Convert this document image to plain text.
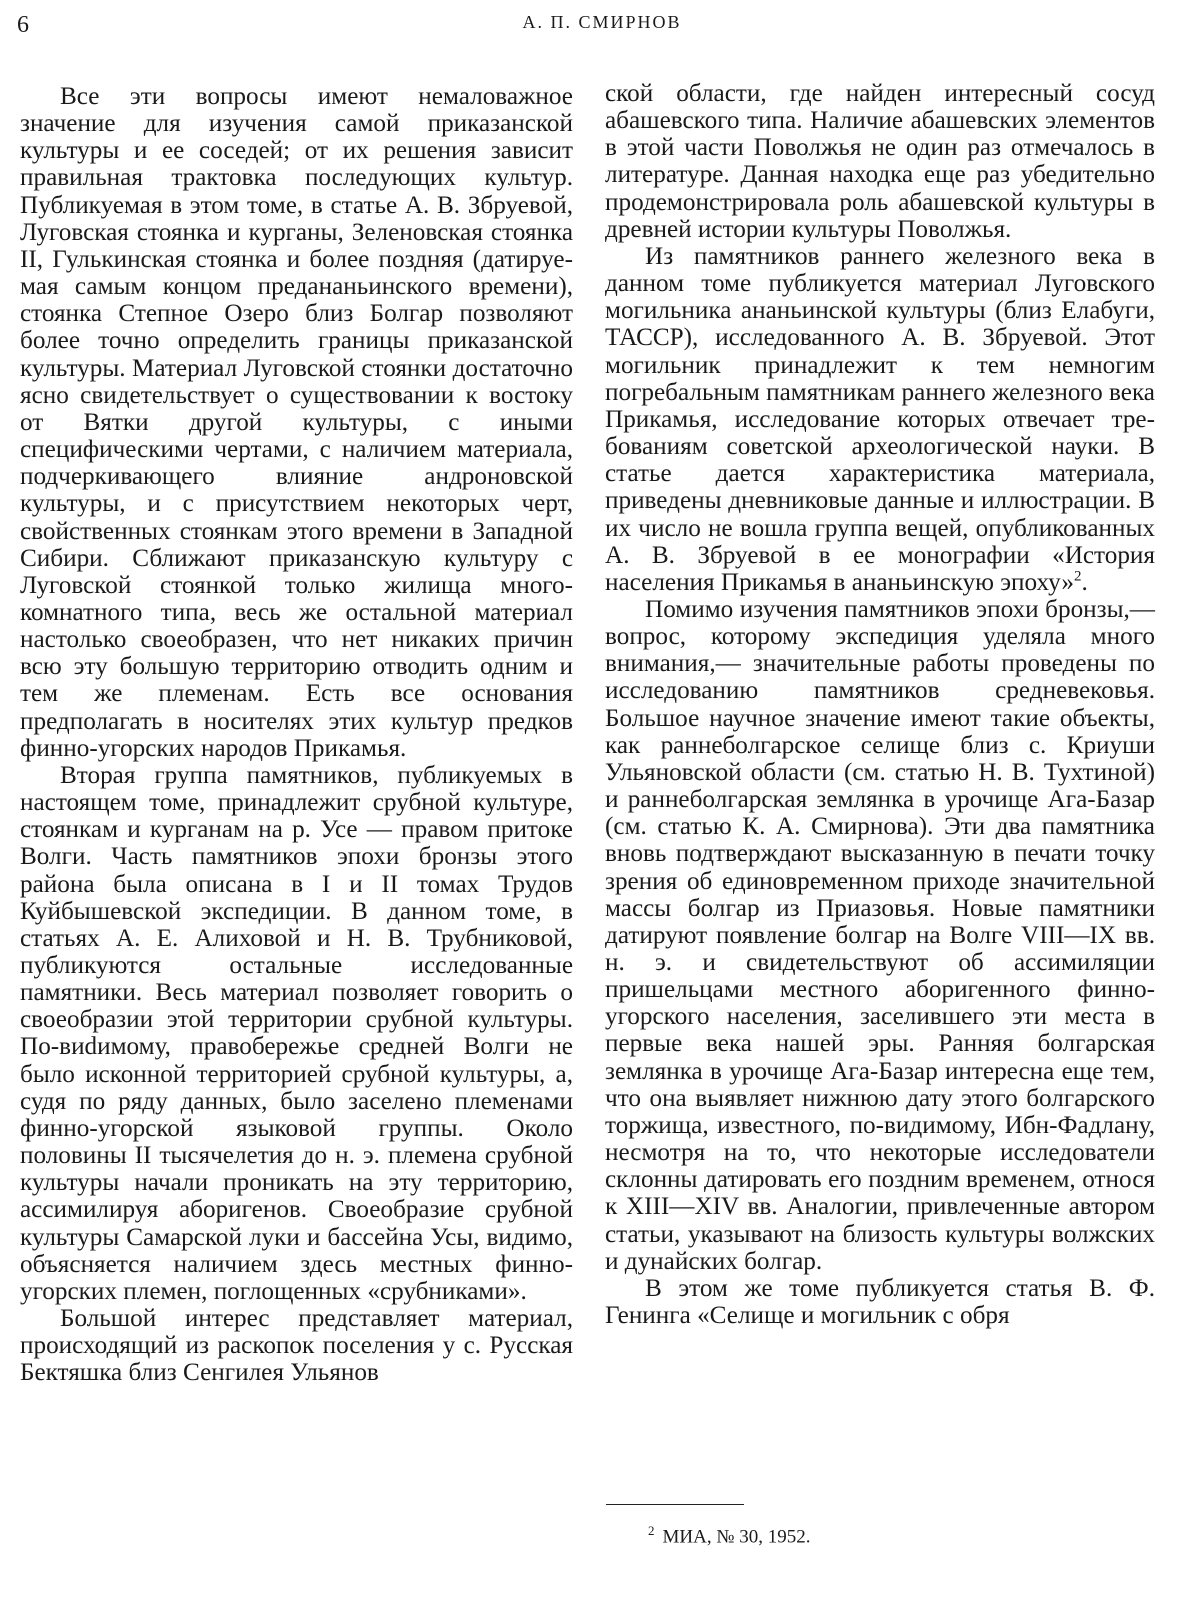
6	А. П. СМИРНОВ

Все эти вопросы имеют немаловажное значение для изучения самой приказанской культуры и ее соседей; от их решения зависит правильная трактовка последующих культур. Публикуемая в этом томе, в статье А. В. Збруевой, Луговская стоянка и курганы, Зеленовская стоянка II, Гулькинская стоянка и более поздняя (датируемая самым концом предананьинского времени), стоянка Степное Озеро близ Болгар позволяют более точно определить границы приказанской культуры. Материал Луговской стоянки достаточно ясно свидетельствует о существовании к востоку от Вятки другой культуры, с иными специфическими чертами, с наличием материала, подчеркивающего влияние андроновской культуры, и с присутствием некоторых черт, свойственных стоянкам этого времени в Западной Сибири. Сближают приказанскую культуру с Луговской стоянкой только жилища многокомнатного типа, весь же остальной материал настолько своеобразен, что нет никаких причин всю эту большую территорию отводить одним и тем же племенам. Есть все основания предполагать в носителях этих культур предков финно-угорских народов Прикамья.

Вторая группа памятников, публикуемых в настоящем томе, принадлежит срубной культуре, стоянкам и курганам на р. Усе — правом притоке Волги. Часть памятников эпохи бронзы этого района была описана в I и II томах Трудов Куйбышевской экспедиции. В данном томе, в статьях А. Е. Алиховой и Н. В. Трубниковой, публикуются остальные исследованные памятники. Весь материал позволяет говорить о своеобразии этой территории срубной культуры. По-виdимому, правобережье средней Волги не было исконной территорией срубной культуры, а, судя по ряду данных, было заселено племенами финно-угорской языковой группы. Около половины II тысячелетия до н. э. племена срубной культуры начали проникать на эту территорию, ассимилируя аборигенов. Своеобразие срубной культуры Самарской луки и бассейна Усы, видимо, объясняется наличием здесь местных финно-угорских племен, поглощенных «срубниками».

Большой интерес представляет материал, происходящий из раскопок поселения у с. Русская Бектяшка близ Сенгилея Ульянов

ской области, где найден интересный сосуд абашевского типа. Наличие абашевских элементов в этой части Поволжья не один раз отмечалось в литературе. Данная находка еще раз убедительно продемонстрировала роль абашевской культуры в древней истории культуры Поволжья.

Из памятников раннего железного века в данном томе публикуется материал Луговского могильника ананьинской культуры (близ Елабуги, ТАССР), исследованного А. В. Збруевой. Этот могильник принадлежит к тем немногим погребальным памятникам раннего железного века Прикамья, исследование которых отвечает требованиям советской археологической науки. В статье дается характеристика материала, приведены дневниковые данные и иллюстрации. В их число не вошла группа вещей, опубликованных А. В. Збруевой в ее монографии «История населения Прикамья в ананьинскую эпоху»$^2$.

Помимо изучения памятников эпохи бронзы,— вопрос, которому экспедиция уделяла много внимания,— значительные работы проведены по исследованию памятников средневековья. Большое научное значение имеют такие объекты, как раннеболгарское селище близ с. Криуши Ульяновской области (см. статью Н. В. Тухтиной) и раннеболгарская землянка в урочище Ага-Базар (см. статью К. А. Смирнова). Эти два памятника вновь подтверждают высказанную в печати точку зрения об единовременном приходе значительной массы болгар из Приазовья. Новые памятники датируют появление болгар на Волге VIII—IX вв. н. э. и свидетельствуют об ассимиляции пришельцами местного аборигенного финно-угорского населения, заселившего эти места в первые века нашей эры. Ранняя болгарская землянка в урочище Ага-Базар интересна еще тем, что она выявляет нижнюю дату этого болгарского торжища, известного, по-видимому, Ибн-Фадлану, несмотря на то, что некоторые исследователи склонны датировать его поздним временем, относя к XIII—XIV вв. Аналогии, привлеченные автором статьи, указывают на близость культуры волжских и дунайских болгар.

В этом же томе публикуется статья В. Ф. Генинга «Селище и могильник с обря

$^2$ МИА, № 30, 1952.
